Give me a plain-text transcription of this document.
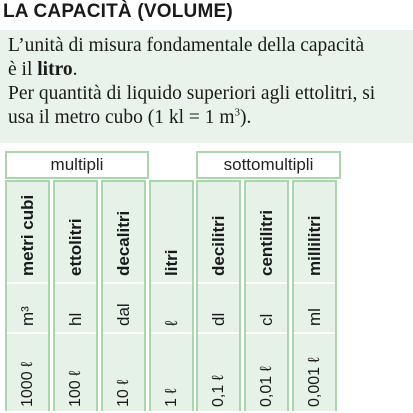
LA CAPACITÀ (VOLUME)

L’unità di misura fondamentale della capacità

è il litro.

Per quantità di liquido superiori agli ettolitri, si

usa il metro cubo (1 kl = 1 $m^3$).

multipli	sottomultipli
metri cubi
m³
1000 ℓ
ettolitri
hl
100 ℓ
decalitri
dal
10 ℓ
litri
ℓ
1 ℓ
decilitri
dl
0,1 ℓ
centilitri
cl
0,01 ℓ
millilitri
ml
0,001 ℓ
